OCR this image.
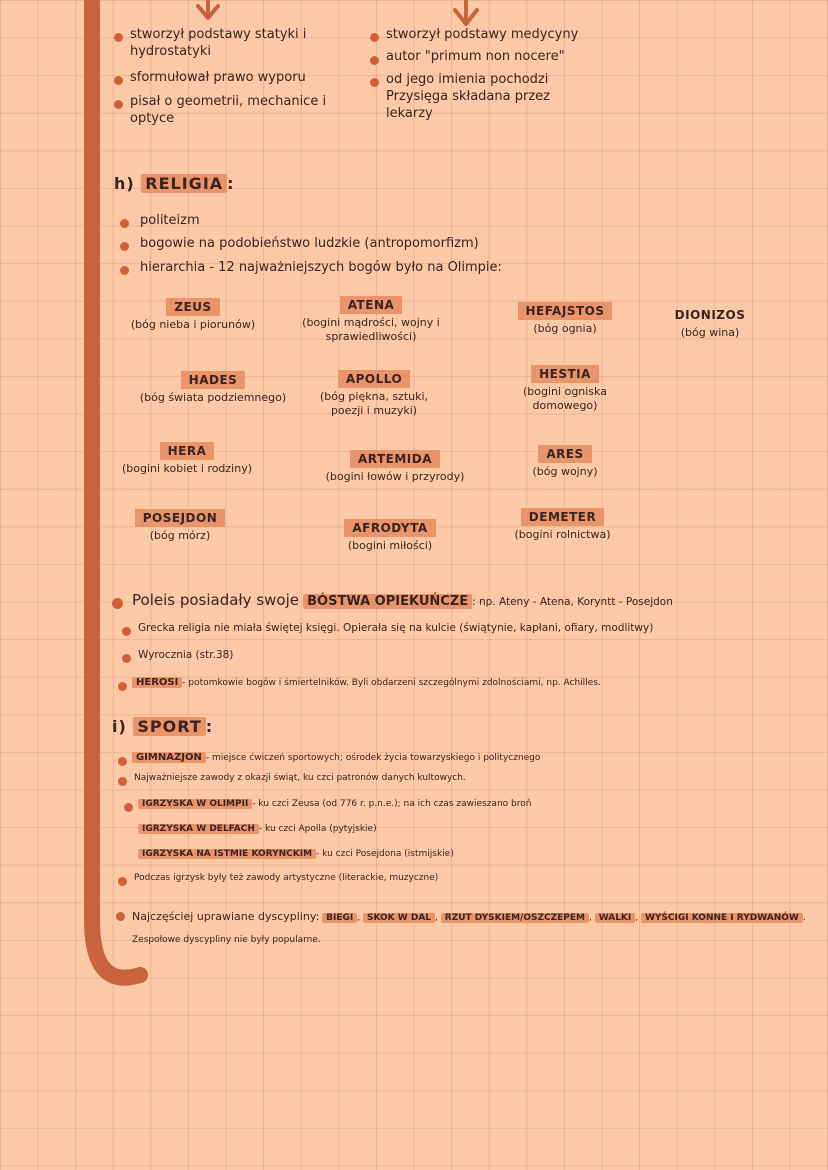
stworzył podstawy statyki i hydrostatyki
sformułował prawo wyporu
pisał o geometrii, mechanice i optyce
stworzył podstawy medycyny
autor "primum non nocere"
od jego imienia pochodzi Przysięga składana przez lekarzy
h) RELIGIA :
politeizm
bogowie na podobieństwo ludzkie (antropomorfizm)
hierarchia - 12 najważniejszych bogów było na Olimpie:
ZEUS
(bóg nieba i piorunów)
ATENA
(bogini mądrości, wojny i sprawiedliwości)
HEFAJSTOS
(bóg ognia)
DIONIZOS
(bóg wina)
HADES
(bóg świata podziemnego)
APOLLO
(bóg piękna, sztuki, poezji i muzyki)
HESTIA
(bogini ogniska domowego)
HERA
(bogini kobiet i rodziny)
ARTEMIDA
(bogini łowów i przyrody)
ARES
(bóg wojny)
POSEJDON
(bóg mórz)
AFRODYTA
(bogini miłości)
DEMETER
(bogini rolnictwa)
Poleis posiadały swoje BÓSTWA OPIEKUŃCZE : np. Ateny - Atena, Koryntt - Posejdon
Grecka religia nie miała świętej księgi. Opierała się na kulcie (świątynie, kapłani, ofiary, modlitwy)
Wyrocznia (str.38)
HEROSI - potomkowie bogów i śmiertelników. Byli obdarzeni szczególnymi zdolnościami, np. Achilles.
i) SPORT :
GIMNAZJON - miejsce ćwiczeń sportowych; ośrodek życia towarzyskiego i politycznego
Najważniejsze zawody z okazji świąt, ku czci patronów danych kultowych.
IGRZYSKA W OLIMPII - ku czci Zeusa (od 776 r. p.n.e.); na ich czas zawieszano broń
IGRZYSKA W DELFACH - ku czci Apolla (pytyjskie)
IGRZYSKA NA ISTMIE KORYNCKIM - ku czci Posejdona (istmijskie)
Podczas igrzysk były też zawody artystyczne (literackie, muzyczne)
Najczęściej uprawiane dyscypliny: BIEGI , SKOK W DAL , RZUT DYSKIEM/OSZCZEPEM , WALKI , WYŚCIGI KONNE I RYDWANÓW . Zespołowe dyscypliny nie były popularne.
